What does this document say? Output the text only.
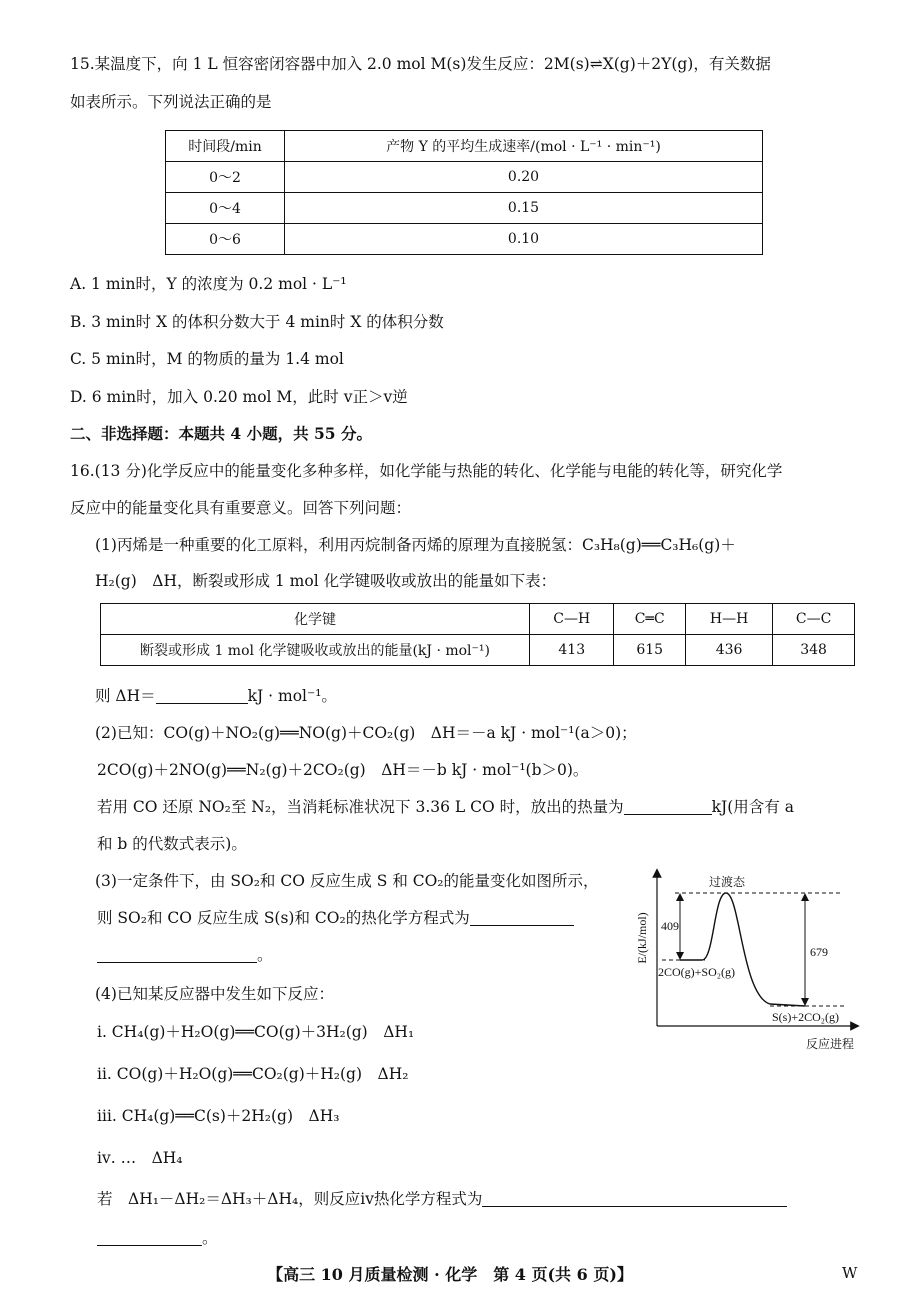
15.某温度下，向 1 L 恒容密闭容器中加入 2.0 mol M(s)发生反应：2M(s)⇌X(g)＋2Y(g)，有关数据
如表所示。下列说法正确的是
时间段/min	产物 Y 的平均生成速率/(mol · L⁻¹ · min⁻¹)
0～2	0.20
0～4	0.15
0～6	0.10
A. 1 min时，Y 的浓度为 0.2 mol · L⁻¹
B. 3 min时 X 的体积分数大于 4 min时 X 的体积分数
C. 5 min时，M 的物质的量为 1.4 mol
D. 6 min时，加入 0.20 mol M，此时 v正＞v逆
二、非选择题：本题共 4 小题，共 55 分。
16.(13 分)化学反应中的能量变化多种多样，如化学能与热能的转化、化学能与电能的转化等，研究化学
反应中的能量变化具有重要意义。回答下列问题：
(1)丙烯是一种重要的化工原料，利用丙烷制备丙烯的原理为直接脱氢：C₃H₈(g)══C₃H₆(g)＋
H₂(g)　ΔH，断裂或形成 1 mol 化学键吸收或放出的能量如下表：
化学键	C—H	C═C	H—H	C—C
断裂或形成 1 mol 化学键吸收或放出的能量(kJ · mol⁻¹)	413	615	436	348
则 ΔH＝	kJ · mol⁻¹。
(2)已知：CO(g)＋NO₂(g)══NO(g)＋CO₂(g)　ΔH＝－a kJ · mol⁻¹(a＞0)；
2CO(g)＋2NO(g)══N₂(g)＋2CO₂(g)　ΔH＝－b kJ · mol⁻¹(b＞0)。
若用 CO 还原 NO₂至 N₂，当消耗标准状况下 3.36 L CO 时，放出的热量为	kJ(用含有 a
和 b 的代数式表示)。
(3)一定条件下，由 SO₂和 CO 反应生成 S 和 CO₂的能量变化如图所示，
则 SO₂和 CO 反应生成 S(s)和 CO₂的热化学方程式为
。	E/(kJ/mol)
反应进程
过渡态
409
679
2CO(g)+SO₂(g)
S(s)+2CO₂(g)
(4)已知某反应器中发生如下反应：
ⅰ. CH₄(g)＋H₂O(g)══CO(g)＋3H₂(g)　ΔH₁
ⅱ. CO(g)＋H₂O(g)══CO₂(g)＋H₂(g)　ΔH₂
ⅲ. CH₄(g)══C(s)＋2H₂(g)　ΔH₃
ⅳ. …　ΔH₄
若　ΔH₁－ΔH₂＝ΔH₃＋ΔH₄，则反应ⅳ热化学方程式为
。
【高三 10 月质量检测 · 化学　第 4 页(共 6 页)】	W
